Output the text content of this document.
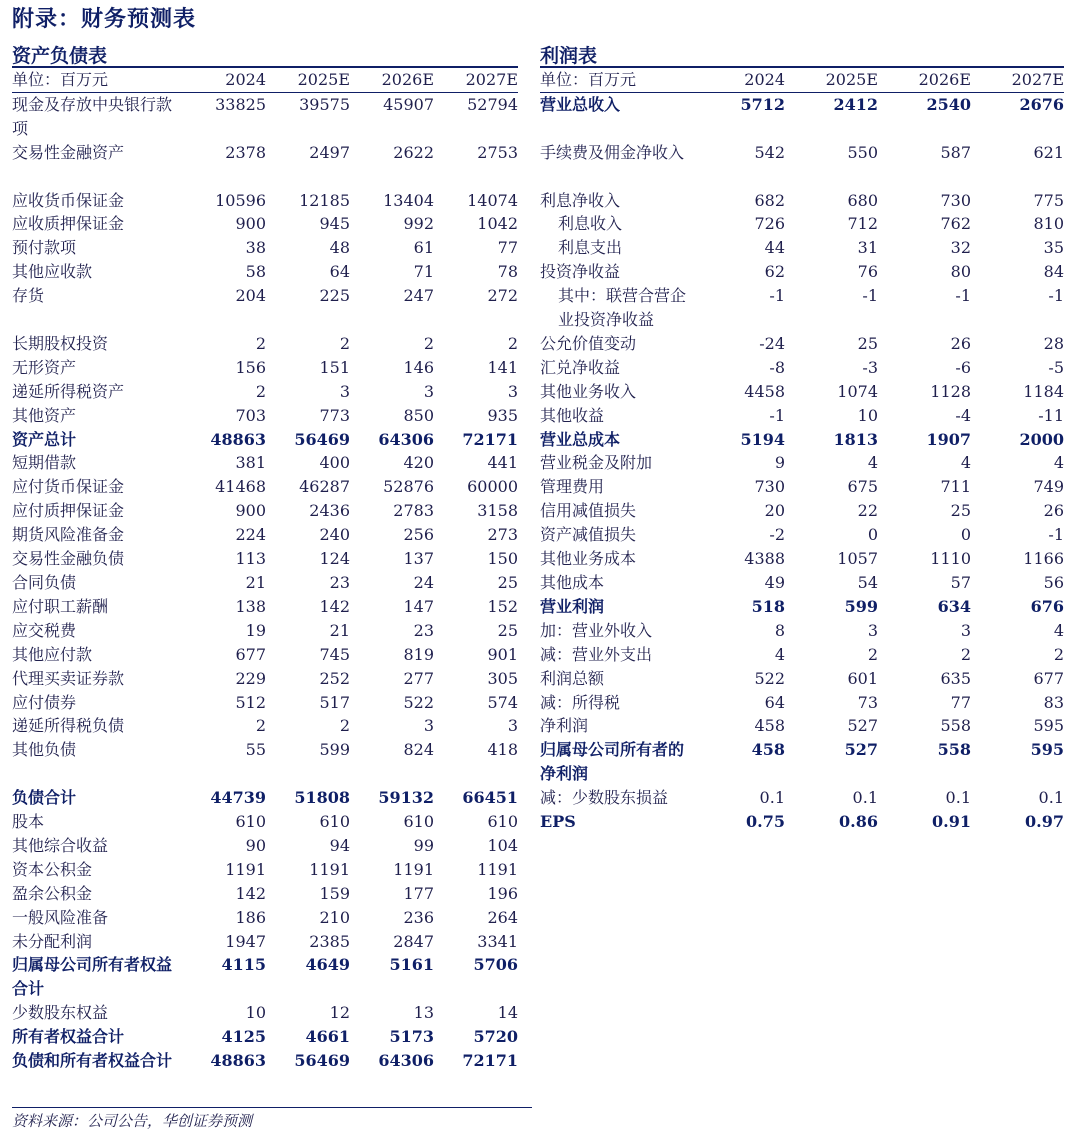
附录：财务预测表
资产负债表
单位：百万元	2024	2025E	2026E	2027E
现金及存放中央银行款项	33825	39575	45907	52794
交易性金融资产	2378	2497	2622	2753
应收货币保证金	10596	12185	13404	14074
应收质押保证金	900	945	992	1042
预付款项	38	48	61	77
其他应收款	58	64	71	78
存货	204	225	247	272
长期股权投资	2	2	2	2
无形资产	156	151	146	141
递延所得税资产	2	3	3	3
其他资产	703	773	850	935
资产总计	48863	56469	64306	72171
短期借款	381	400	420	441
应付货币保证金	41468	46287	52876	60000
应付质押保证金	900	2436	2783	3158
期货风险准备金	224	240	256	273
交易性金融负债	113	124	137	150
合同负债	21	23	24	25
应付职工薪酬	138	142	147	152
应交税费	19	21	23	25
其他应付款	677	745	819	901
代理买卖证券款	229	252	277	305
应付债券	512	517	522	574
递延所得税负债	2	2	3	3
其他负债	55	599	824	418
负债合计	44739	51808	59132	66451
股本	610	610	610	610
其他综合收益	90	94	99	104
资本公积金	1191	1191	1191	1191
盈余公积金	142	159	177	196
一般风险准备	186	210	236	264
未分配利润	1947	2385	2847	3341
归属母公司所有者权益合计	4115	4649	5161	5706
少数股东权益	10	12	13	14
所有者权益合计	4125	4661	5173	5720
负债和所有者权益合计	48863	56469	64306	72171
利润表
单位：百万元	2024	2025E	2026E	2027E
营业总收入	5712	2412	2540	2676
手续费及佣金净收入	542	550	587	621
利息净收入	682	680	730	775
利息收入	726	712	762	810
利息支出	44	31	32	35
投资净收益	62	76	80	84
其中：联营合营企业投资净收益	-1	-1	-1	-1
公允价值变动	-24	25	26	28
汇兑净收益	-8	-3	-6	-5
其他业务收入	4458	1074	1128	1184
其他收益	-1	10	-4	-11
营业总成本	5194	1813	1907	2000
营业税金及附加	9	4	4	4
管理费用	730	675	711	749
信用减值损失	20	22	25	26
资产减值损失	-2	0	0	-1
其他业务成本	4388	1057	1110	1166
其他成本	49	54	57	56
营业利润	518	599	634	676
加：营业外收入	8	3	3	4
减：营业外支出	4	2	2	2
利润总额	522	601	635	677
减：所得税	64	73	77	83
净利润	458	527	558	595
归属母公司所有者的净利润	458	527	558	595
减：少数股东损益	0.1	0.1	0.1	0.1
EPS	0.75	0.86	0.91	0.97
资料来源：公司公告，华创证券预测
